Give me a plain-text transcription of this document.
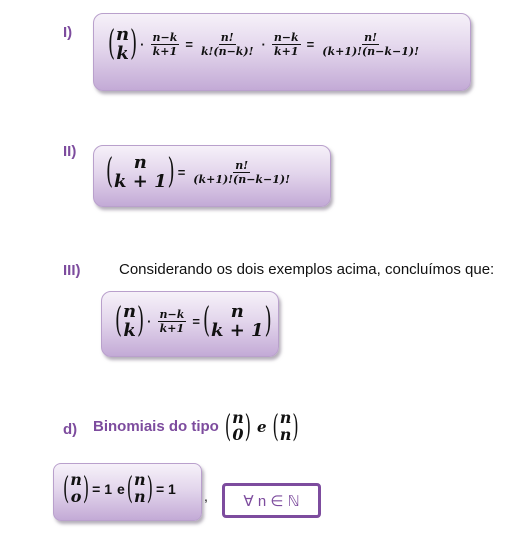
I) ( n
k ) · $\frac{n-k}{k+1} = \frac{n!}{k!(n-k)!} \cdot \frac{n-k}{k+1} = \frac{n!}{(k+1)!(n-k-1)!}$
II)
( n
k + 1 ) = $\frac{n!}{(k+1)!(n-k-1)!}$
III)	Considerando os dois exemplos acima, concluímos que:
( n
k ) · $\frac{n-k}{k+1}$ = ( n
k + 1 )
d) Binomiais do tipo ( n
0 ) e ( n
n )
( n
o ) = 1 e ( n
n ) = 1 , ∀ n ∈ ℕ
